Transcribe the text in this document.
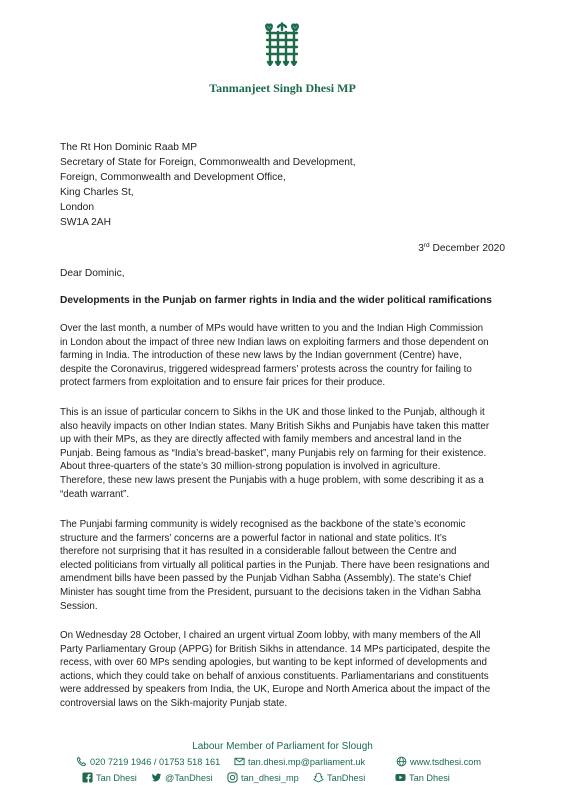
Tanmanjeet Singh Dhesi MP
The Rt Hon Dominic Raab MP
Secretary of State for Foreign, Commonwealth and Development,
Foreign, Commonwealth and Development Office,
King Charles St,
London
SW1A 2AH
3rd December 2020
Dear Dominic,
Developments in the Punjab on farmer rights in India and the wider political ramifications
Over the last month, a number of MPs would have written to you and the Indian High Commission
in London about the impact of three new Indian laws on exploiting farmers and those dependent on
farming in India. The introduction of these new laws by the Indian government (Centre) have,
despite the Coronavirus, triggered widespread farmers’ protests across the country for failing to
protect farmers from exploitation and to ensure fair prices for their produce.
This is an issue of particular concern to Sikhs in the UK and those linked to the Punjab, although it
also heavily impacts on other Indian states. Many British Sikhs and Punjabis have taken this matter
up with their MPs, as they are directly affected with family members and ancestral land in the
Punjab. Being famous as “India’s bread-basket”, many Punjabis rely on farming for their existence.
About three-quarters of the state’s 30 million-strong population is involved in agriculture.
Therefore, these new laws present the Punjabis with a huge problem, with some describing it as a
“death warrant”.
The Punjabi farming community is widely recognised as the backbone of the state’s economic
structure and the farmers’ concerns are a powerful factor in national and state politics. It’s
therefore not surprising that it has resulted in a considerable fallout between the Centre and
elected politicians from virtually all political parties in the Punjab. There have been resignations and
amendment bills have been passed by the Punjab Vidhan Sabha (Assembly). The state’s Chief
Minister has sought time from the President, pursuant to the decisions taken in the Vidhan Sabha
Session.
On Wednesday 28 October, I chaired an urgent virtual Zoom lobby, with many members of the All
Party Parliamentary Group (APPG) for British Sikhs in attendance. 14 MPs participated, despite the
recess, with over 60 MPs sending apologies, but wanting to be kept informed of developments and
actions, which they could take on behalf of anxious constituents. Parliamentarians and constituents
were addressed by speakers from India, the UK, Europe and North America about the impact of the
controversial laws on the Sikh-majority Punjab state.
Labour Member of Parliament for Slough
020 7219 1946 / 01753 518 161	tan.dhesi.mp@parliament.uk	www.tsdhesi.com
Tan Dhesi	@TanDhesi	tan_dhesi_mp	TanDhesi	Tan Dhesi
